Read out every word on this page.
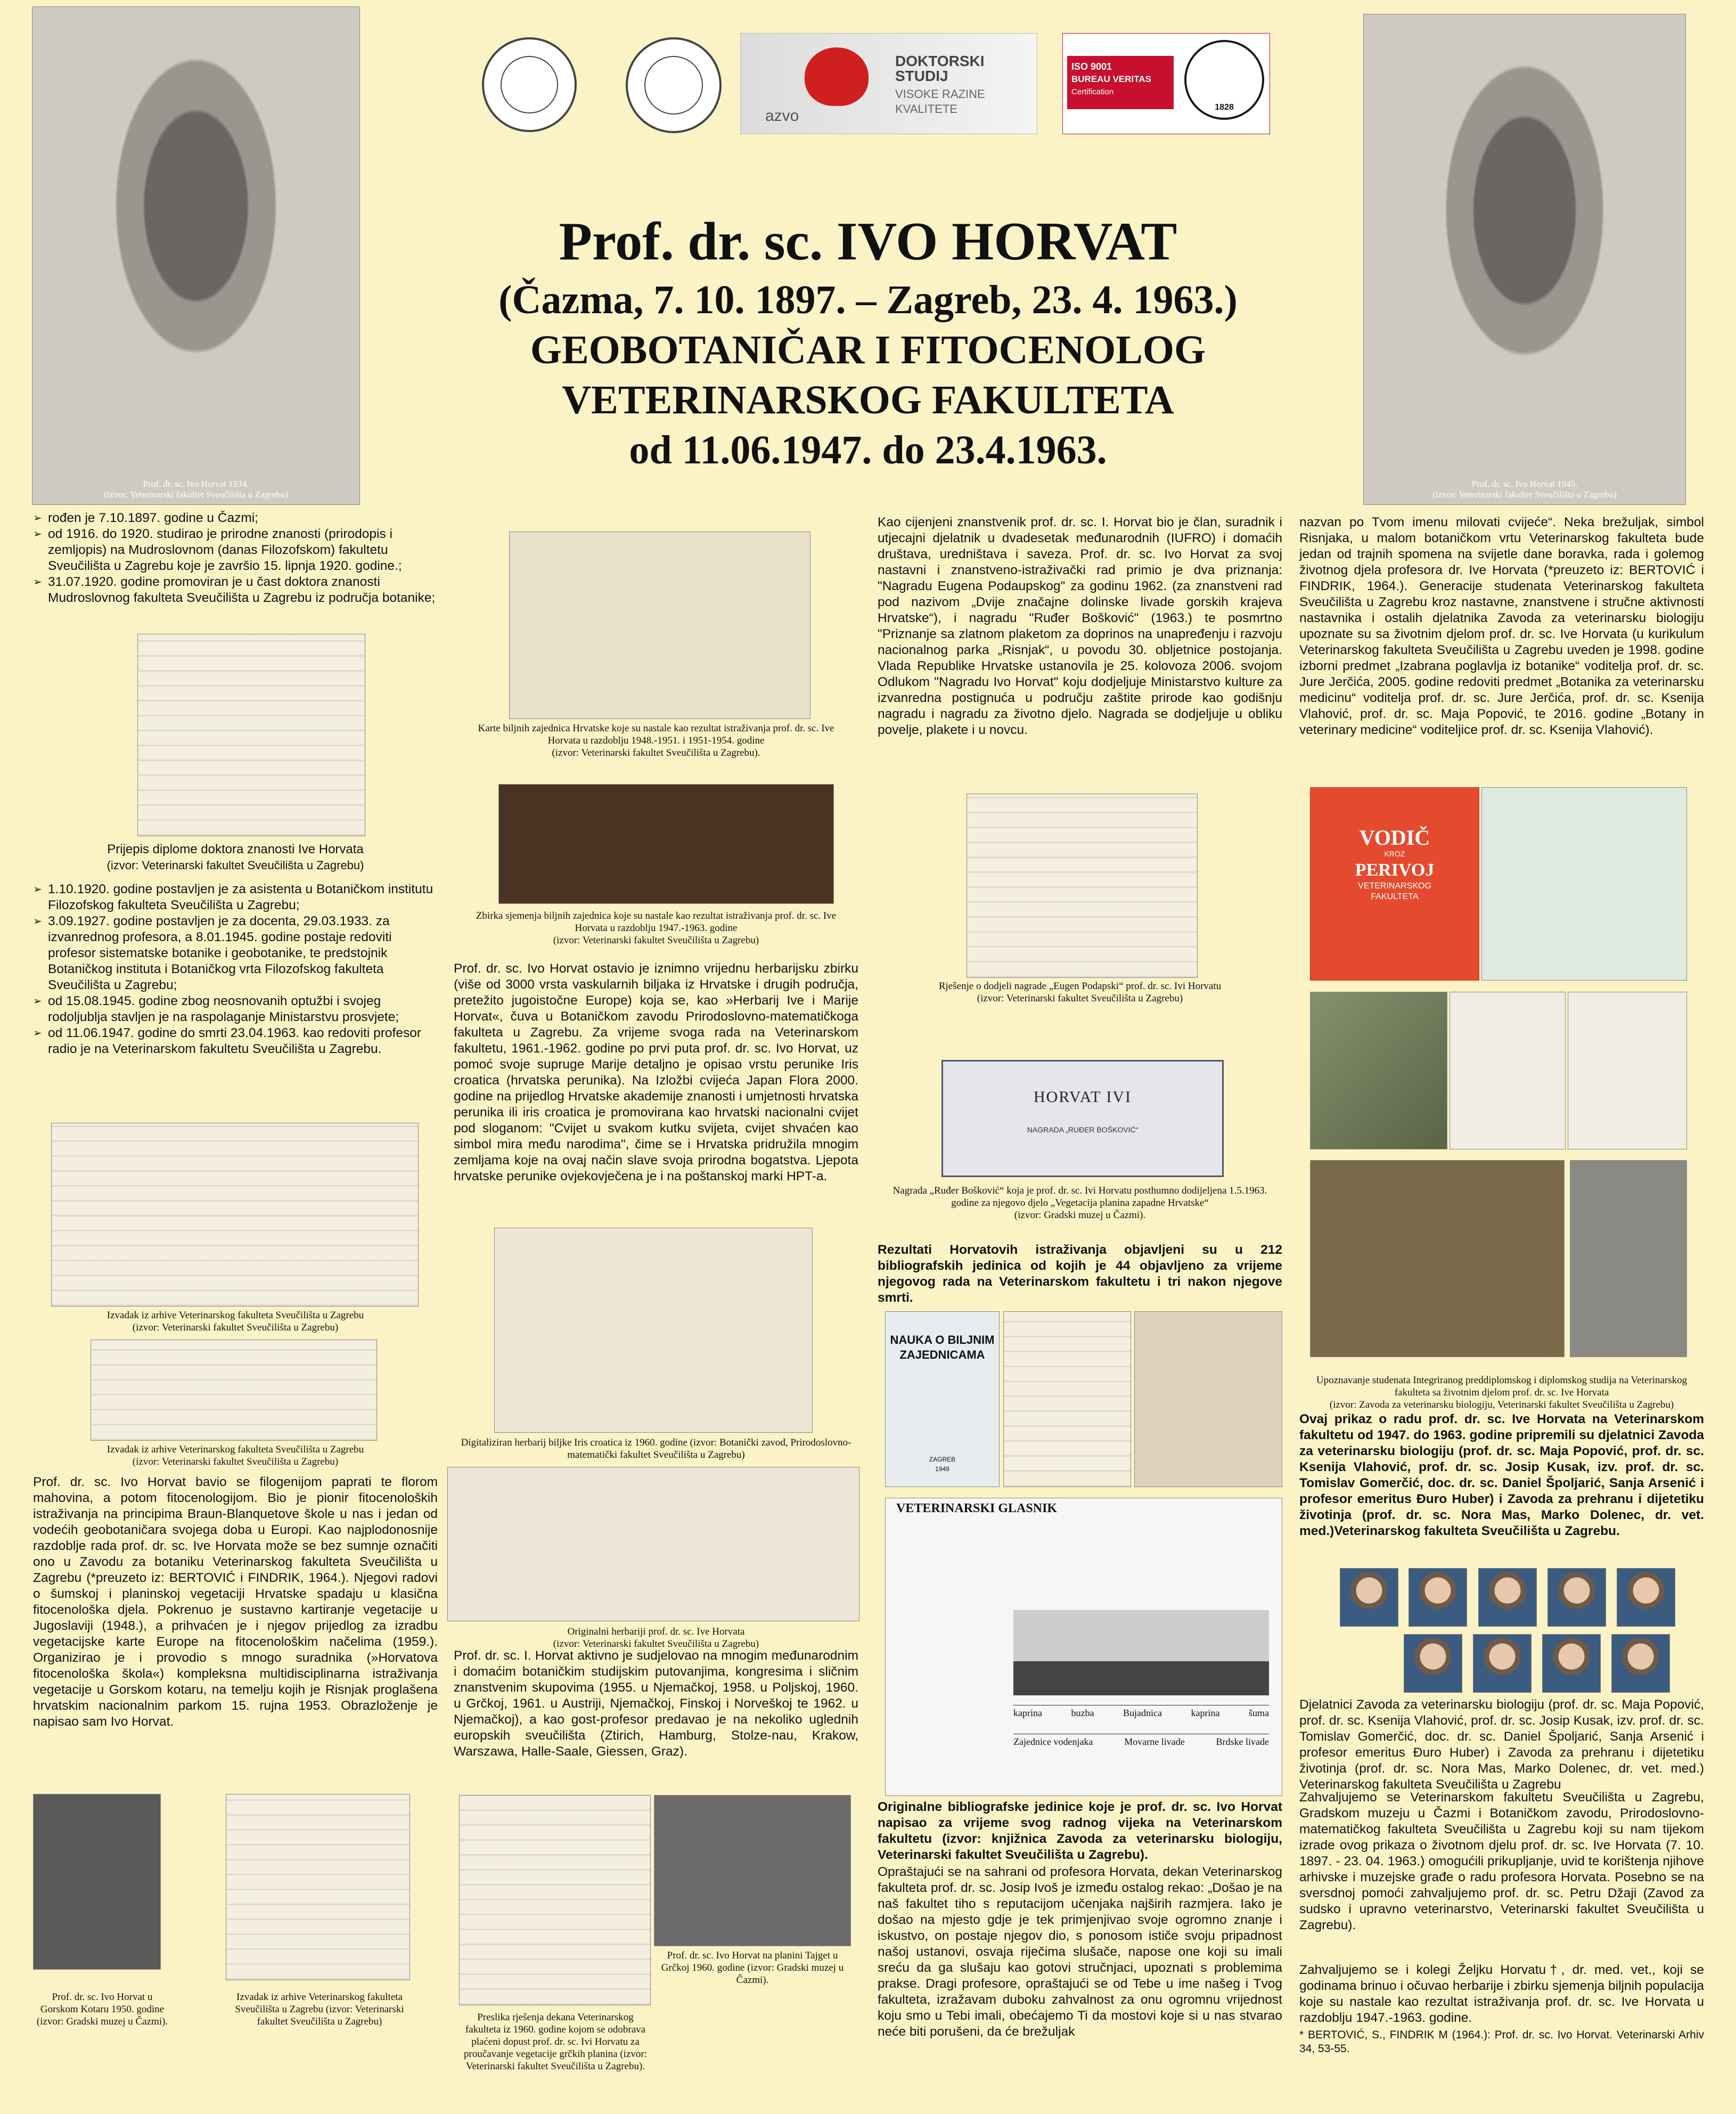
Prof. dr. sc. Ivo Horvat 1934.
(izvor: Veterinarski fakultet Sveučilišta u Zagrebu)
Prof. dr. sc. Ivo Horvat 1945.
(izvor: Veterinarski fakultet Sveučilišta u Zagrebu)
azvo
DOKTORSKI
STUDIJ
VISOKE RAZINE
KVALITETE
ISO 9001
BUREAU VERITAS
Certification
1828
Prof. dr. sc. IVO HORVAT
(Čazma, 7. 10. 1897. – Zagreb, 23. 4. 1963.)
GEOBOTANIČAR I FITOCENOLOG
VETERINARSKOG FAKULTETA
od 11.06.1947. do 23.4.1963.
➢ rođen je 7.10.1897. godine u Čazmi;
➢ od 1916. do 1920. studirao je prirodne znanosti (prirodopis i zemljopis) na Mudroslovnom (danas Filozofskom) fakultetu Sveučilišta u Zagrebu koje je završio 15. lipnja 1920. godine.;
➢ 31.07.1920. godine promoviran je u čast doktora znanosti Mudroslovnog fakulteta Sveučilišta u Zagrebu iz područja botanike;
Prijepis diplome doktora znanosti Ive Horvata
(izvor: Veterinarski fakultet Sveučilišta u Zagrebu)
➢ 1.10.1920. godine postavljen je za asistenta u Botaničkom institutu Filozofskog fakulteta Sveučilišta u Zagrebu;
➢ 3.09.1927. godine postavljen je za docenta, 29.03.1933. za izvanrednog profesora, a 8.01.1945. godine postaje redoviti profesor sistematske botanike i geobotanike, te predstojnik Botaničkog instituta i Botaničkog vrta Filozofskog fakulteta Sveučilišta u Zagrebu;
➢ od 15.08.1945. godine zbog neosnovanih optužbi i svojeg rodoljublja stavljen je na raspolaganje Ministarstvu prosvjete;
➢ od 11.06.1947. godine do smrti 23.04.1963. kao redoviti profesor radio je na Veterinarskom fakultetu Sveučilišta u Zagrebu.
Izvadak iz arhive Veterinarskog fakulteta Sveučilišta u Zagrebu
(izvor: Veterinarski fakultet Sveučilišta u Zagrebu)
Izvadak iz arhive Veterinarskog fakulteta Sveučilišta u Zagrebu
(izvor: Veterinarski fakultet Sveučilišta u Zagrebu)
Prof. dr. sc. Ivo Horvat bavio se filogenijom paprati te florom mahovina, a potom fitocenologijom. Bio je pionir fitocenoloških istraživanja na principima Braun-Blanquetove škole u nas i jedan od vodećih geobotaničara svojega doba u Europi. Kao najplodonosnije razdoblje rada prof. dr. sc. Ive Horvata može se bez sumnje označiti ono u Zavodu za botaniku Veterinarskog fakulteta Sveučilišta u Zagrebu (*preuzeto iz: BERTOVIĆ i FINDRIK, 1964.). Njegovi radovi o šumskoj i planinskoj vegetaciji Hrvatske spadaju u klasična fitocenološka djela. Pokrenuo je sustavno kartiranje vegetacije u Jugoslaviji (1948.), a prihvaćen je i njegov prijedlog za izradbu vegetacijske karte Europe na fitocenološkim načelima (1959.). Organizirao je i provodio s mnogo suradnika (»Horvatova fitocenološka škola«) kompleksna multidisciplinarna istraživanja vegetacije u Gorskom kotaru, na temelju kojih je Risnjak proglašena hrvatskim nacionalnim parkom 15. rujna 1953. Obrazloženje je napisao sam Ivo Horvat.
Prof. dr. sc. Ivo Horvat u Gorskom Kotaru 1950. godine (izvor: Gradski muzej u Čazmi).
Izvadak iz arhive Veterinarskog fakulteta Sveučilišta u Zagrebu (izvor: Veterinarski fakultet Sveučilišta u Zagrebu)
Karte biljnih zajednica Hrvatske koje su nastale kao rezultat istraživanja prof. dr. sc. Ive
Horvata u razdoblju 1948.-1951. i 1951-1954. godine
(izvor: Veterinarski fakultet Sveučilišta u Zagrebu).
Zbirka sjemenja biljnih zajednica koje su nastale kao rezultat istraživanja prof. dr. sc. Ive
Horvata u razdoblju 1947.-1963. godine
(izvor: Veterinarski fakultet Sveučilišta u Zagrebu)
Prof. dr. sc. Ivo Horvat ostavio je iznimno vrijednu herbarijsku zbirku (više od 3000 vrsta vaskularnih biljaka iz Hrvatske i drugih područja, pretežito jugoistočne Europe) koja se, kao »Herbarij Ive i Marije Horvat«, čuva u Botaničkom zavodu Prirodoslovno-matematičkoga fakulteta u Zagrebu. Za vrijeme svoga rada na Veterinarskom fakultetu, 1961.-1962. godine po prvi puta prof. dr. sc. Ivo Horvat, uz pomoć svoje supruge Marije detaljno je opisao vrstu perunike Iris croatica (hrvatska perunika). Na Izložbi cvijeća Japan Flora 2000. godine na prijedlog Hrvatske akademije znanosti i umjetnosti hrvatska perunika ili iris croatica je promovirana kao hrvatski nacionalni cvijet pod sloganom: "Cvijet u svakom kutku svijeta, cvijet shvaćen kao simbol mira među narodima", čime se i Hrvatska pridružila mnogim zemljama koje na ovaj način slave svoja prirodna bogatstva. Ljepota hrvatske perunike ovjekovječena je i na poštanskoj marki HPT-a.
Digitaliziran herbarij biljke Iris croatica iz 1960. godine (izvor: Botanički zavod, Prirodoslovno-
matematički fakultet Sveučilišta u Zagrebu)
Originalni herbariji prof. dr. sc. Ive Horvata
(izvor: Veterinarski fakultet Sveučilišta u Zagrebu)
Prof. dr. sc. I. Horvat aktivno je sudjelovao na mnogim međunarodnim i domaćim botaničkim studijskim putovanjima, kongresima i sličnim znanstvenim skupovima (1955. u Njemačkoj, 1958. u Poljskoj, 1960. u Grčkoj, 1961. u Austriji, Njemačkoj, Finskoj i Norveškoj te 1962. u Njemačkoj), a kao gost-profesor predavao je na nekoliko uglednih europskih sveučilišta (Ztirich, Hamburg, Stolze-nau, Krakow, Warszawa, Halle-Saale, Giessen, Graz).
Preslika rješenja dekana Veterinarskog fakulteta iz 1960. godine kojom se odobrava plaćeni dopust prof. dr. sc. Ivi Horvatu za proučavanje vegetacije grčkih planina (izvor: Veterinarski fakultet Sveučilišta u Zagrebu).
Prof. dr. sc. Ivo Horvat na planini Tajget u Grčkoj 1960. godine (izvor: Gradski muzej u Čazmi).
Kao cijenjeni znanstvenik prof. dr. sc. I. Horvat bio je član, suradnik i utjecajni djelatnik u dvadesetak međunarodnih (IUFRO) i domaćih društava, uredništava i saveza. Prof. dr. sc. Ivo Horvat za svoj nastavni i znanstveno-istraživački rad primio je dva priznanja: "Nagradu Eugena Podaupskog" za godinu 1962. (za znanstveni rad pod nazivom „Dvije značajne dolinske livade gorskih krajeva Hrvatske“), i nagradu "Ruđer Bošković" (1963.) te posmrtno "Priznanje sa zlatnom plaketom za doprinos na unapređenju i razvoju nacionalnog parka „Risnjak“, u povodu 30. obljetnice postojanja. Vlada Republike Hrvatske ustanovila je 25. kolovoza 2006. svojom Odlukom "Nagradu Ivo Horvat" koju dodjeljuje Ministarstvo kulture za izvanredna postignuća u području zaštite prirode kao godišnju nagradu i nagradu za životno djelo. Nagrada se dodjeljuje u obliku povelje, plakete i u novcu.
Rješenje o dodjeli nagrade „Eugen Podapski“ prof. dr. sc. Ivi Horvatu
(izvor: Veterinarski fakultet Sveučilišta u Zagrebu)
HORVAT IVI
NAGRADA „RUĐER BOŠKOVIĆ“
Nagrada „Ruđer Bošković“ koja je prof. dr. sc. Ivi Horvatu posthumno dodijeljena 1.5.1963.
godine za njegovo djelo „Vegetacija planina zapadne Hrvatske“
(izvor: Gradski muzej u Čazmi).
Rezultati Horvatovih istraživanja objavljeni su u 212 bibliografskih jedinica od kojih je 44 objavljeno za vrijeme njegovog rada na Veterinarskom fakultetu i tri nakon njegove smrti.
NAUKA O BILJNIM
ZAJEDNICAMA
ZAGREB
1949
VETERINARSKI GLASNIK
kaprina	buzba	Bujadnica	kaprina	šuma
Zajednice vodenjaka	Movarne livade	Brdske livade
Originalne bibliografske jedinice koje je prof. dr. sc. Ivo Horvat napisao za vrijeme svog radnog vijeka na Veterinarskom fakultetu (izvor: knjižnica Zavoda za veterinarsku biologiju, Veterinarski fakultet Sveučilišta u Zagrebu).
Opraštajući se na sahrani od profesora Horvata, dekan Veterinarskog fakulteta prof. dr. sc. Josip Ivoš je između ostalog rekao: „Došao je na naš fakultet tiho s reputacijom učenjaka najširih razmjera. Iako je došao na mjesto gdje je tek primjenjivao svoje ogromno znanje i iskustvo, on postaje njegov dio, s ponosom ističe svoju pripadnost našoj ustanovi, osvaja riječima slušače, napose one koji su imali sreću da ga slušaju kao gotovi stručnjaci, upoznati s problemima prakse. Dragi profesore, opraštajući se od Tebe u ime našeg i Tvog fakulteta, izražavam duboku zahvalnost za onu ogromnu vrijednost koju smo u Tebi imali, obećajemo Ti da mostovi koje si u nas stvarao neće biti porušeni, da će brežuljak
nazvan po Tvom imenu milovati cvijeće“. Neka brežuljak, simbol Risnjaka, u malom botaničkom vrtu Veterinarskog fakulteta bude jedan od trajnih spomena na svijetle dane boravka, rada i golemog životnog djela profesora dr. Ive Horvata (*preuzeto iz: BERTOVIĆ i FINDRIK, 1964.). Generacije studenata Veterinarskog fakulteta Sveučilišta u Zagrebu kroz nastavne, znanstvene i stručne aktivnosti nastavnika i ostalih djelatnika Zavoda za veterinarsku biologiju upoznate su sa životnim djelom prof. dr. sc. Ive Horvata (u kurikulum Veterinarskog fakulteta Sveučilišta u Zagrebu uveden je 1998. godine izborni predmet „Izabrana poglavlja iz botanike“ voditelja prof. dr. sc. Jure Jerčića, 2005. godine redoviti predmet „Botanika za veterinarsku medicinu“ voditelja prof. dr. sc. Jure Jerčića, prof. dr. sc. Ksenija Vlahović, prof. dr. sc. Maja Popović, te 2016. godine „Botany in veterinary medicine“ voditeljice prof. dr. sc. Ksenija Vlahović).
VODIČ
KROZ
PERIVOJ
VETERINARSKOG
FAKULTETA
Upoznavanje studenata Integriranog preddiplomskog i diplomskog studija na Veterinarskog
fakulteta sa životnim djelom prof. dr. sc. Ive Horvata
(izvor: Zavoda za veterinarsku biologiju, Veterinarski fakultet Sveučilišta u Zagrebu)
Ovaj prikaz o radu prof. dr. sc. Ive Horvata na Veterinarskom fakultetu od 1947. do 1963. godine pripremili su djelatnici Zavoda za veterinarsku biologiju (prof. dr. sc. Maja Popović, prof. dr. sc. Ksenija Vlahović, prof. dr. sc. Josip Kusak, izv. prof. dr. sc. Tomislav Gomerčić, doc. dr. sc. Daniel Špoljarić, Sanja Arsenić i profesor emeritus Đuro Huber) i Zavoda za prehranu i dijetetiku životinja (prof. dr. sc. Nora Mas, Marko Dolenec, dr. vet. med.)Veterinarskog fakulteta Sveučilišta u Zagrebu.
Djelatnici Zavoda za veterinarsku biologiju (prof. dr. sc. Maja Popović, prof. dr. sc. Ksenija Vlahović, prof. dr. sc. Josip Kusak, izv. prof. dr. sc. Tomislav Gomerčić, doc. dr. sc. Daniel Špoljarić, Sanja Arsenić i profesor emeritus Đuro Huber) i Zavoda za prehranu i dijetetiku životinja (prof. dr. sc. Nora Mas, Marko Dolenec, dr. vet. med.) Veterinarskog fakulteta Sveučilišta u Zagrebu
Zahvaljujemo se Veterinarskom fakultetu Sveučilišta u Zagrebu, Gradskom muzeju u Čazmi i Botaničkom zavodu, Prirodoslovno-matematičkog fakulteta Sveučilišta u Zagrebu koji su nam tijekom izrade ovog prikaza o životnom djelu prof. dr. sc. Ive Horvata (7. 10. 1897. - 23. 04. 1963.) omogućili prikupljanje, uvid te korištenja njihove arhivske i muzejske građe o radu profesora Horvata. Posebno se na sversdnoj pomoći zahvaljujemo prof. dr. sc. Petru Džaji (Zavod za sudsko i upravno veterinarstvo, Veterinarski fakultet Sveučilišta u Zagrebu).
Zahvaljujemo se i kolegi Željku Horvatu†, dr. med. vet., koji se godinama brinuo i očuvao herbarije i zbirku sjemenja biljnih populacija koje su nastale kao rezultat istraživanja prof. dr. sc. Ive Horvata u razdoblju 1947.-1963. godine.
* BERTOVIĆ, S., FINDRIK M (1964.): Prof. dr. sc. Ivo Horvat. Veterinarski Arhiv 34, 53-55.
